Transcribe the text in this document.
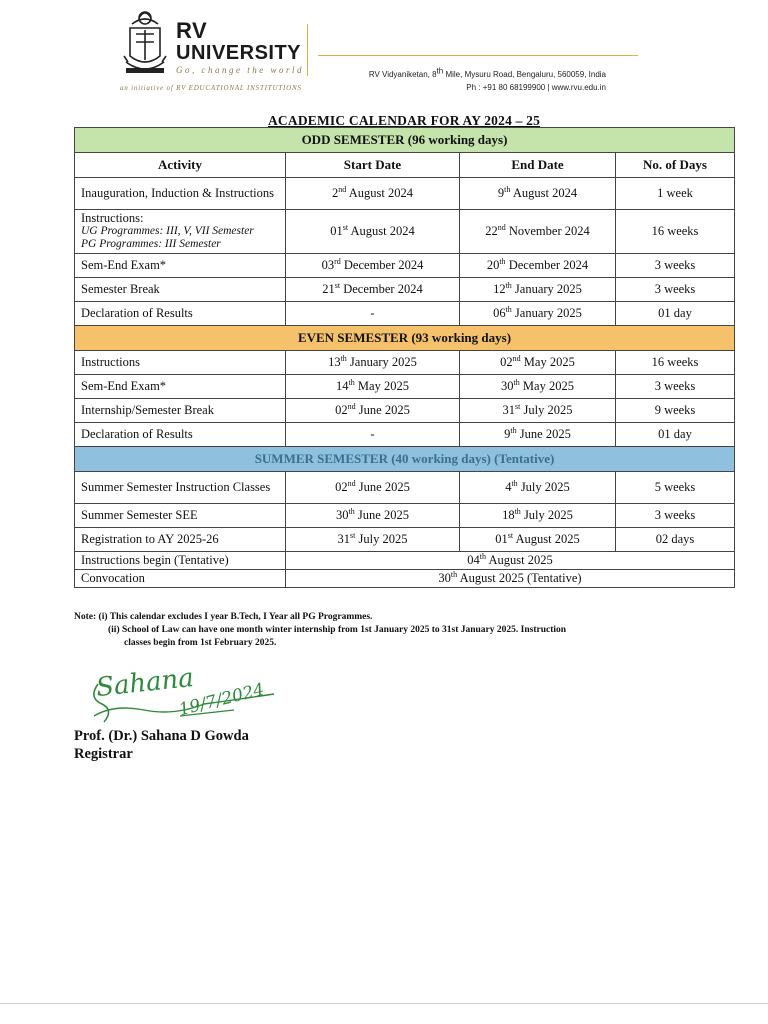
RV
UNIVERSITY
Go, change the world
an initiative of RV EDUCATIONAL INSTITUTIONS
RV Vidyaniketan, 8th Mile, Mysuru Road, Bengaluru, 560059, India
Ph : +91 80 68199900 | www.rvu.edu.in
ACADEMIC CALENDAR FOR AY 2024 – 25
ODD SEMESTER (96 working days)			
Activity	Start Date	End Date	No. of Days

Inauguration, Induction & Instructions	2nd August 2024	9th August 2024	1 week

Instructions:
UG Programmes: III, V, VII Semester
PG Programmes: III Semester	01st August 2024	22nd November 2024	16 weeks

Sem-End Exam*	03rd December 2024	20th December 2024	3 weeks

Semester Break	21st December 2024	12th January 2025	3 weeks

Declaration of Results	-	06th January 2025	01 day
EVEN SEMESTER (93 working days)			

Instructions	13th January 2025	02nd May 2025	16 weeks

Sem-End Exam*	14th May 2025	30th May 2025	3 weeks

Internship/Semester Break	02nd June 2025	31st July 2025	9 weeks

Declaration of Results	-	9th June 2025	01 day
SUMMER SEMESTER (40 working days) (Tentative)			

Summer Semester Instruction Classes	02nd June 2025	4th July 2025	5 weeks

Summer Semester SEE	30th June 2025	18th July 2025	3 weeks

Registration to AY 2025-26	31st July 2025	01st August 2025	02 days

Instructions begin (Tentative)	04th August 2025		

Convocation	30th August 2025 (Tentative)		
Note: (i) This calendar excludes I year B.Tech, I Year all PG Programmes.
(ii) School of Law can have one month winter internship from 1st January 2025 to 31st January 2025. Instruction
classes begin from 1st February 2025.
Sahana
19/7/2024
Prof. (Dr.) Sahana D Gowda
Registrar
